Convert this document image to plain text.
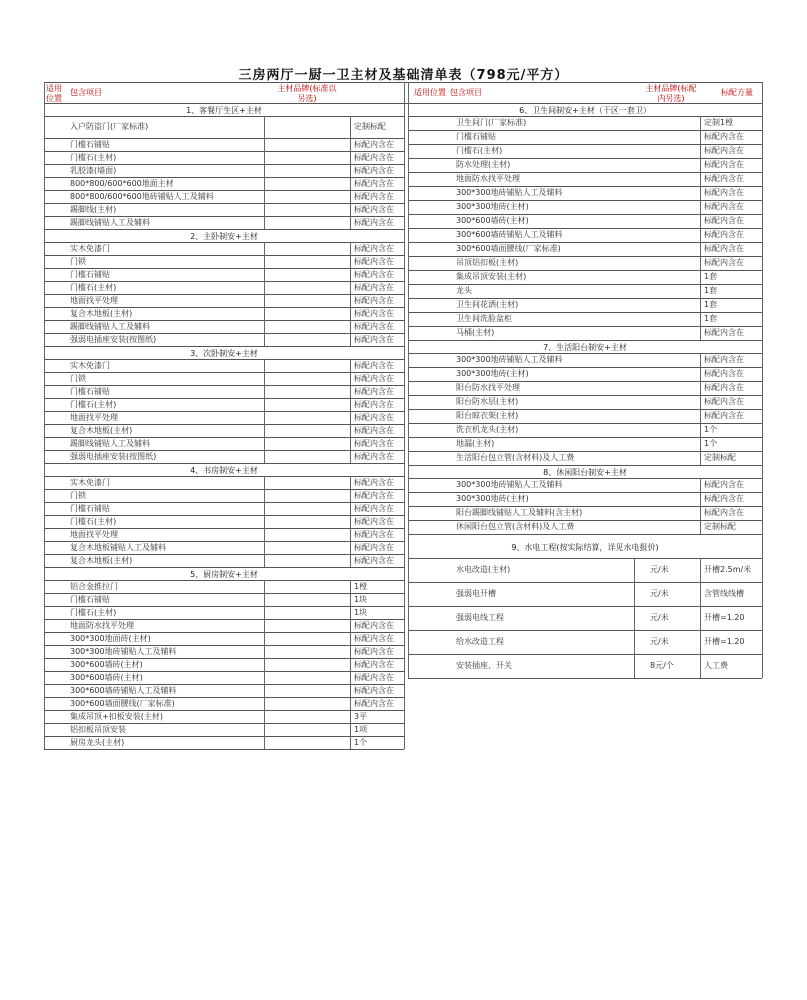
三房两厅一厨一卫主材及基础清单表（798元/平方）
适用
位置
包含项目	主材品牌(标准以
另选)
适用位置 包含项目	主材品牌(标配
内另选)
标配方量
1、客餐厅生区+主材
入户防盗门(厂家标准)	定制标配
门槛石铺贴	标配内含在
门槛石(主材)	标配内含在
乳胶漆(墙面)	标配内含在
800*800/600*600地面主材	标配内含在
800*800/600*600地砖铺贴人工及辅料	标配内含在
踢脚线(主材)	标配内含在
踢脚线铺贴人工及辅料	标配内含在
2、主卧制安+主材
实木免漆门	标配内含在
门锁	标配内含在
门槛石铺贴	标配内含在
门槛石(主材)	标配内含在
地面找平处理	标配内含在
复合木地板(主材)	标配内含在
踢脚线铺贴人工及辅料	标配内含在
强弱电插座安装(按图纸)	标配内含在
3、次卧制安+主材
实木免漆门	标配内含在
门锁	标配内含在
门槛石铺贴	标配内含在
门槛石(主材)	标配内含在
地面找平处理	标配内含在
复合木地板(主材)	标配内含在
踢脚线铺贴人工及辅料	标配内含在
强弱电插座安装(按图纸)	标配内含在
4、书房制安+主材
实木免漆门	标配内含在
门锁	标配内含在
门槛石铺贴	标配内含在
门槛石(主材)	标配内含在
地面找平处理	标配内含在
复合木地板铺贴人工及辅料	标配内含在
复合木地板(主材)	标配内含在
5、厨房制安+主材
铝合金推拉门	1樘
门槛石铺贴	1块
门槛石(主材)	1块
地面防水找平处理	标配内含在
300*300地面砖(主材)	标配内含在
300*300地砖铺贴人工及辅料	标配内含在
300*600墙砖(主材)	标配内含在
300*600墙砖(主材)	标配内含在
300*600墙砖铺贴人工及辅料	标配内含在
300*600墙面腰线(厂家标准)	标配内含在
集成吊顶+扣板安装(主材)	3平
铝扣板吊顶安装	1项
厨房龙头(主材)	1个
6、卫生间制安+主材（干区一套卫）
卫生间门(厂家标准)	定制1樘
门槛石铺贴	标配内含在
门槛石(主材)	标配内含在
防水处理(主材)	标配内含在
地面防水找平处理	标配内含在
300*300地砖铺贴人工及辅料	标配内含在
300*300地砖(主材)	标配内含在
300*600墙砖(主材)	标配内含在
300*600墙砖铺贴人工及辅料	标配内含在
300*600墙面腰线(厂家标准)	标配内含在
吊顶铝扣板(主材)	标配内含在
集成吊顶安装(主材)	1套
龙头	1套
卫生间花洒(主材)	1套
卫生间洗脸盆柜	1套
马桶(主材)	标配内含在
7、生活阳台制安+主材
300*300地砖铺贴人工及辅料	标配内含在
300*300地砖(主材)	标配内含在
阳台防水找平处理	标配内含在
阳台防水层(主材)	标配内含在
阳台晾衣架(主材)	标配内含在
洗衣机龙头(主材)	1个
地漏(主材)	1个
生活阳台包立管(含材料)及人工费	定制标配
8、休闲阳台制安+主材
300*300地砖铺贴人工及辅料	标配内含在
300*300地砖(主材)	标配内含在
阳台踢脚线铺贴人工及辅料(含主材)	标配内含在
休闲阳台包立管(含材料)及人工费	定制标配
9、水电工程(按实际结算，详见水电报价)
水电改造(主材)	元/米	开槽2.5m/米
强弱电开槽	元/米	含管线线槽
强弱电线工程	元/米	开槽=1.20
给水改造工程	元/米	开槽=1.20
安装插座、开关	8元/个	人工费
